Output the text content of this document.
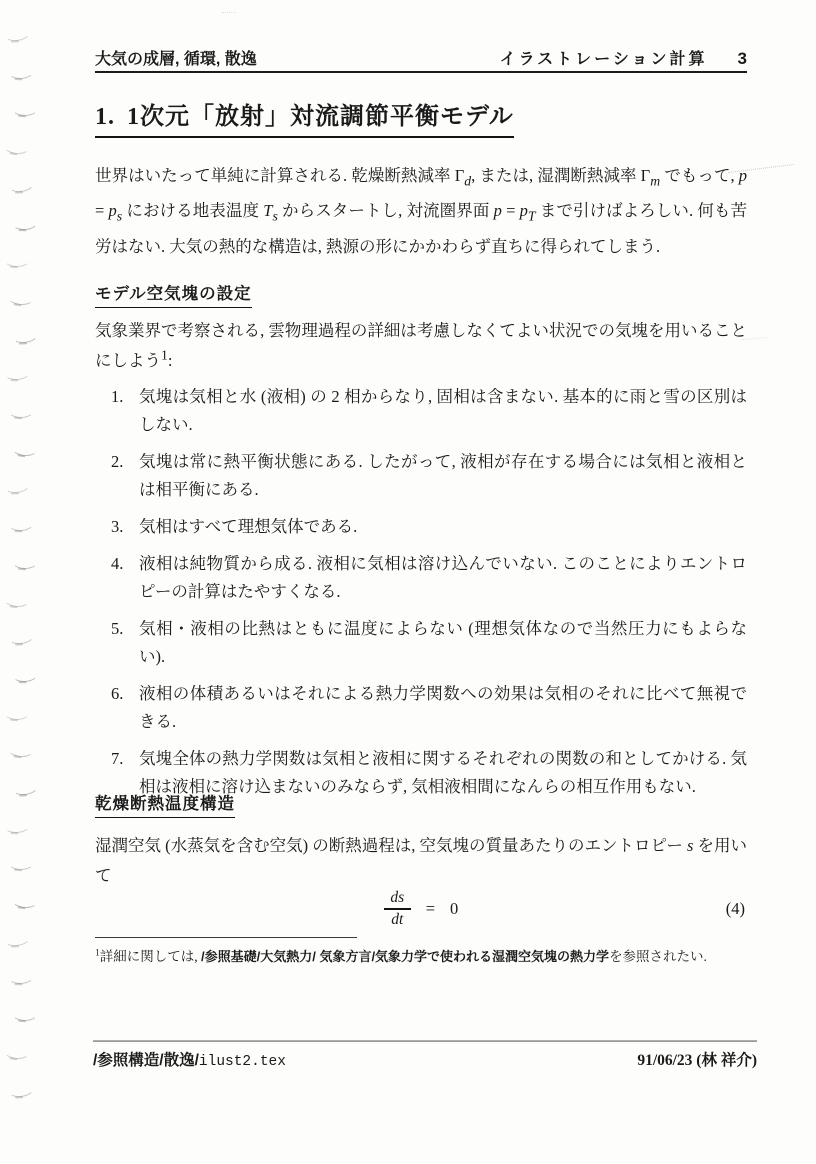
大気の成層, 循環, 散逸	イラストレーション計算 3
1. 1次元「放射」対流調節平衡モデル
世界はいたって単純に計算される. 乾燥断熱減率 $\Gamma_d$, または, 湿潤断熱減率 $\Gamma_m$ でもって, $p = p_s$ における地表温度 $T_s$ からスタートし, 対流圏界面 $p = p_T$ まで引けばよろしい. 何も苦労はない. 大気の熱的な構造は, 熱源の形にかかわらず直ちに得られてしまう.
モデル空気塊の設定
気象業界で考察される, 雲物理過程の詳細は考慮しなくてよい状況での気塊を用いることにしよう$^1$:
1. 気塊は気相と水 (液相) の 2 相からなり, 固相は含まない. 基本的に雨と雪の区別はしない.
2. 気塊は常に熱平衡状態にある. したがって, 液相が存在する場合には気相と液相とは相平衡にある.
3. 気相はすべて理想気体である.
4. 液相は純物質から成る. 液相に気相は溶け込んでいない. このことによりエントロピーの計算はたやすくなる.
5. 気相・液相の比熱はともに温度によらない (理想気体なので当然圧力にもよらない).
6. 液相の体積あるいはそれによる熱力学関数への効果は気相のそれに比べて無視できる.
7. 気塊全体の熱力学関数は気相と液相に関するそれぞれの関数の和としてかける. 気相は液相に溶け込まないのみならず, 気相液相間になんらの相互作用もない.
乾燥断熱温度構造
湿潤空気 (水蒸気を含む空気) の断熱過程は, 空気塊の質量あたりのエントロピー s を用いて
$\frac{ds}{dt} = 0$	(4)
$^1$詳細に関しては, /参照基礎/大気熱力/ 気象方言/気象力学で使われる湿潤空気塊の熱力学を参照されたい.
/参照構造/散逸/ilust2.tex	91/06/23 (林 祥介)
